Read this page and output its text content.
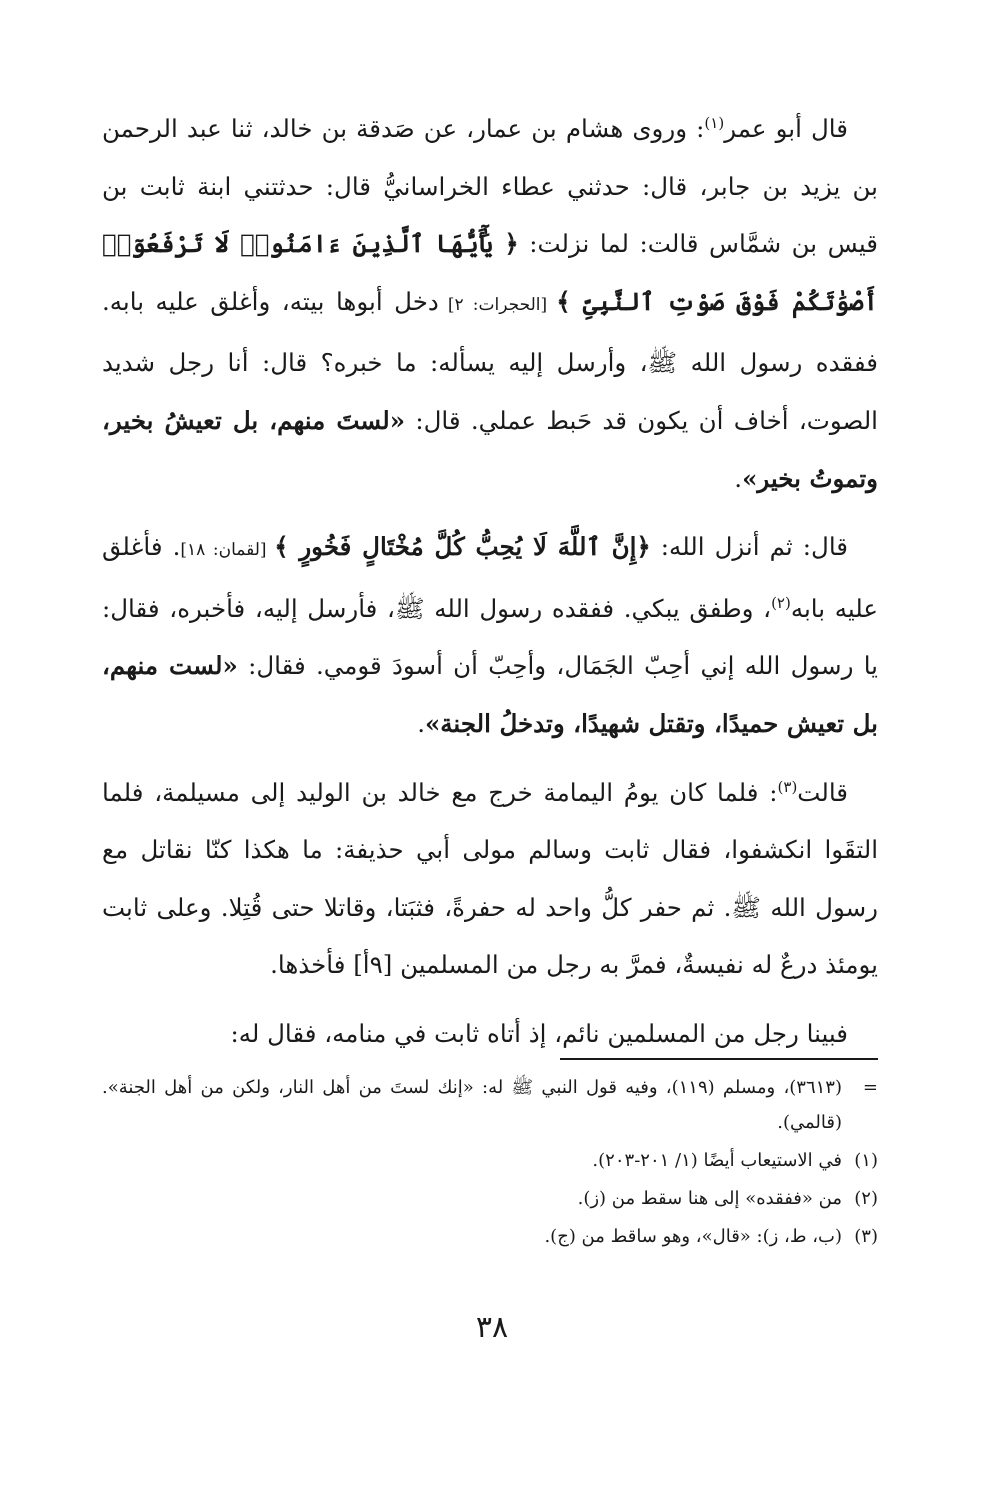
قال أبو عمر$^{(١)}$: وروى هشام بن عمار، عن صَدقة بن خالد، ثنا عبد الرحمن بن يزيد بن جابر، قال: حدثني عطاء الخراسانيُّ قال: حدثتني ابنة ثابت بن قيس بن شمَّاس قالت: لما نزلت: ﴿ يَٰٓأَيُّهَا ٱلَّذِينَ ءَامَنُوا۟ لَا تَرْفَعُوٓا۟ أَصْوَٰتَكُمْ فَوْقَ صَوْتِ ٱلنَّبِىِّ ﴾ [الحجرات: ٢] دخل أبوها بيته، وأغلق عليه بابه. ففقده رسول الله ﷺ، وأرسل إليه يسأله: ما خبره؟ قال: أنا رجل شديد الصوت، أخاف أن يكون قد حَبط عملي. قال: «لستَ منهم، بل تعيشُ بخير، وتموتُ بخير».

قال: ثم أنزل الله: ﴿إِنَّ ٱللَّهَ لَا يُحِبُّ كُلَّ مُخْتَالٍ فَخُورٍ ﴾ [لقمان: ١٨]. فأغلق عليه بابه$^{(٢)}$، وطفق يبكي. ففقده رسول الله ﷺ، فأرسل إليه، فأخبره، فقال: يا رسول الله إني أحِبّ الجَمَال، وأحِبّ أن أسودَ قومي. فقال: «لست منهم، بل تعيش حميدًا، وتقتل شهيدًا، وتدخلُ الجنة».

قالت$^{(٣)}$: فلما كان يومُ اليمامة خرج مع خالد بن الوليد إلى مسيلمة، فلما التقَوا انكشفوا، فقال ثابت وسالم مولى أبي حذيفة: ما هكذا كنّا نقاتل مع رسول الله ﷺ. ثم حفر كلُّ واحد له حفرةً، فثبَتا، وقاتلا حتى قُتِلا. وعلى ثابت يومئذ درعٌ له نفيسةٌ، فمرَّ به رجل من المسلمين [٩أ] فأخذها.

فبينا رجل من المسلمين نائم، إذ أتاه ثابت في منامه، فقال له:

=
(٣٦١٣)، ومسلم (١١٩)، وفيه قول النبي ﷺ له: «إنك لستَ من أهل النار، ولكن من أهل الجنة». (قالمي).
(١)
في الاستيعاب أيضًا (١/ ٢٠١-٢٠٣).
(٢)
من «ففقده» إلى هنا سقط من (ز).
(٣)
(ب، ط، ز): «قال»، وهو ساقط من (ج).
٣٨
